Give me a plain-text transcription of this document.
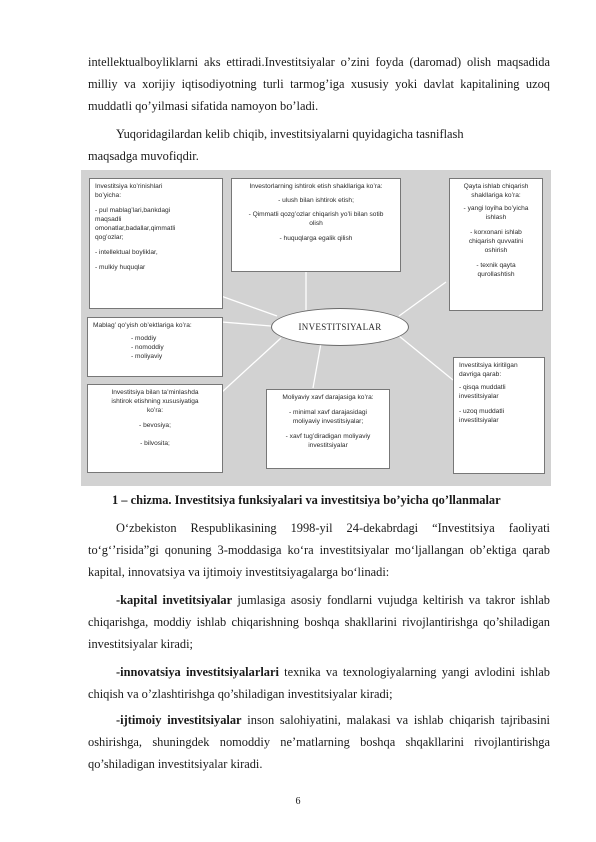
intellektualboyliklarni aks ettiradi.Investitsiyalar o’zini foyda (daromad) olish maqsadida milliy va xorijiy iqtisodiyotning turli tarmog’iga xususiy yoki davlat kapitalining uzoq muddatli qo’yilmasi sifatida namoyon bo’ladi.

Yuqoridagilardan kelib chiqib, investitsiyalarni quyidagicha tasniflash
maqsadga muvofiqdir.

Investitsiya ko’rinishlari
bo’yicha:
- pul mablag’lari,bankdagi
maqsadli
omonatlar,badallar,qimmatli
qog’ozlar;
- intellektual boyliklar,
- mulkiy huquqlar
Investorlarning ishtirok etish shakllariga ko’ra:
- ulush bilan ishtirok etish;
- Qimmatli qozg’ozlar chiqarish yo’li bilan sotib
olish
- huquqlarga egalik qilish
Qayta ishlab chiqarish
shakllariga ko’ra:
- yangi loyiha bo’yicha
ishlash
- korxonani ishlab
chiqarish quvvatini
oshirish
- texnik qayta
qurollashtish
INVESTITSIYALAR
Mablag’ qo’yish ob’ektlariga ko’ra:
- moddiy
- nomoddiy
- moliyaviy
Investitsiya bilan ta’minlashda
ishtirok etishning xususiyatiga
ko’ra:
- bevosiya;
- bilvosita;
Moliyaviy xavf darajasiga ko’ra:
- minimal xavf darajasidagi
moliyaviy investitsiyalar;
- xavf tug’diradigan moliyaviy
investitsiyalar
Investitsiya kiritilgan
davriga qarab:
- qisqa muddatli
investitsiyalar
- uzoq muddatli
investitsiyalar

1 – chizma. Investitsiya funksiyalari va investitsiya bo’yicha qo’llanmalar

O‘zbekiston Respublikasining 1998-yil 24-dekabrdagi “Investitsiya faoliyati to‘g‘’risida”gi qonuning 3-moddasiga ko‘ra investitsiyalar mo‘ljallangan ob’ektiga qarab kapital, innovatsiya va ijtimoiy investitsiyagalarga bo‘linadi:

-kapital invetitsiyalar jumlasiga asosiy fondlarni vujudga keltirish va takror ishlab chiqarishga, moddiy ishlab chiqarishning boshqa shakllarini rivojlantirishga qo’shiladigan investitsiyalar kiradi;

-innovatsiya investitsiyalarlari texnika va texnologiyalarning yangi avlodini ishlab chiqish va o’zlashtirishga qo’shiladigan investitsiyalar kiradi;

-ijtimoiy investitsiyalar inson salohiyatini, malakasi va ishlab chiqarish tajribasini oshirishga, shuningdek nomoddiy ne’matlarning boshqa shqakllarini rivojlantirishga qo’shiladigan investitsiyalar kiradi.

6
